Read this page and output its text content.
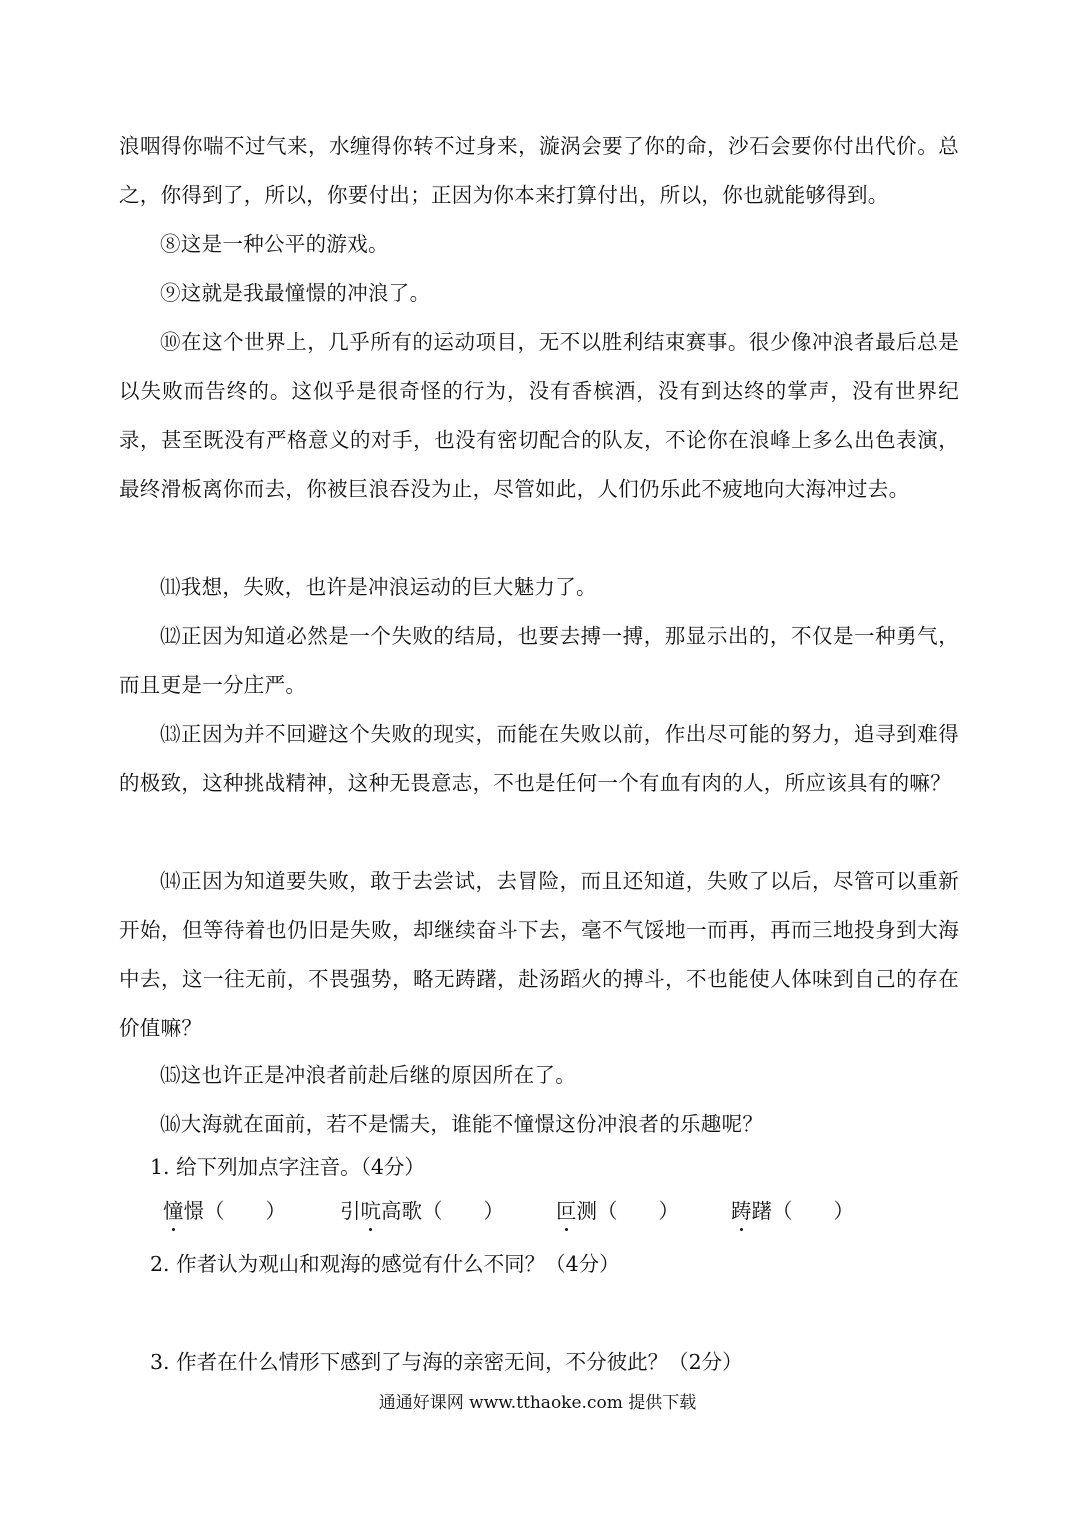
浪咽得你喘不过气来，水缠得你转不过身来，漩涡会要了你的命，沙石会要你付出代价。总之，你得到了，所以，你要付出；正因为你本来打算付出，所以，你也就能够得到。

⑧这是一种公平的游戏。

⑨这就是我最憧憬的冲浪了。

⑩在这个世界上，几乎所有的运动项目，无不以胜利结束赛事。很少像冲浪者最后总是以失败而告终的。这似乎是很奇怪的行为，没有香槟酒，没有到达终的掌声，没有世界纪录，甚至既没有严格意义的对手，也没有密切配合的队友，不论你在浪峰上多么出色表演，最终滑板离你而去，你被巨浪吞没为止，尽管如此，人们仍乐此不疲地向大海冲过去。

⑾我想，失败，也许是冲浪运动的巨大魅力了。

⑿正因为知道必然是一个失败的结局，也要去搏一搏，那显示出的，不仅是一种勇气，而且更是一分庄严。

⒀正因为并不回避这个失败的现实，而能在失败以前，作出尽可能的努力，追寻到难得的极致，这种挑战精神，这种无畏意志，不也是任何一个有血有肉的人，所应该具有的嘛？

⒁正因为知道要失败，敢于去尝试，去冒险，而且还知道，失败了以后，尽管可以重新开始，但等待着也仍旧是失败，却继续奋斗下去，毫不气馁地一而再，再而三地投身到大海中去，这一往无前，不畏强势，略无踌躇，赴汤蹈火的搏斗，不也能使人体味到自己的存在价值嘛？

⒂这也许正是冲浪者前赴后继的原因所在了。

⒃大海就在面前，若不是懦夫，谁能不憧憬这份冲浪者的乐趣呢？

1. 给下列加点字注音。（4分）

憧憬（　　）	引吭高歌（　　）	叵测（　　）	踌躇（　　）

2. 作者认为观山和观海的感觉有什么不同？（4分）

3. 作者在什么情形下感到了与海的亲密无间，不分彼此？（2分）

通通好课网 www.tthaoke.com 提供下载
